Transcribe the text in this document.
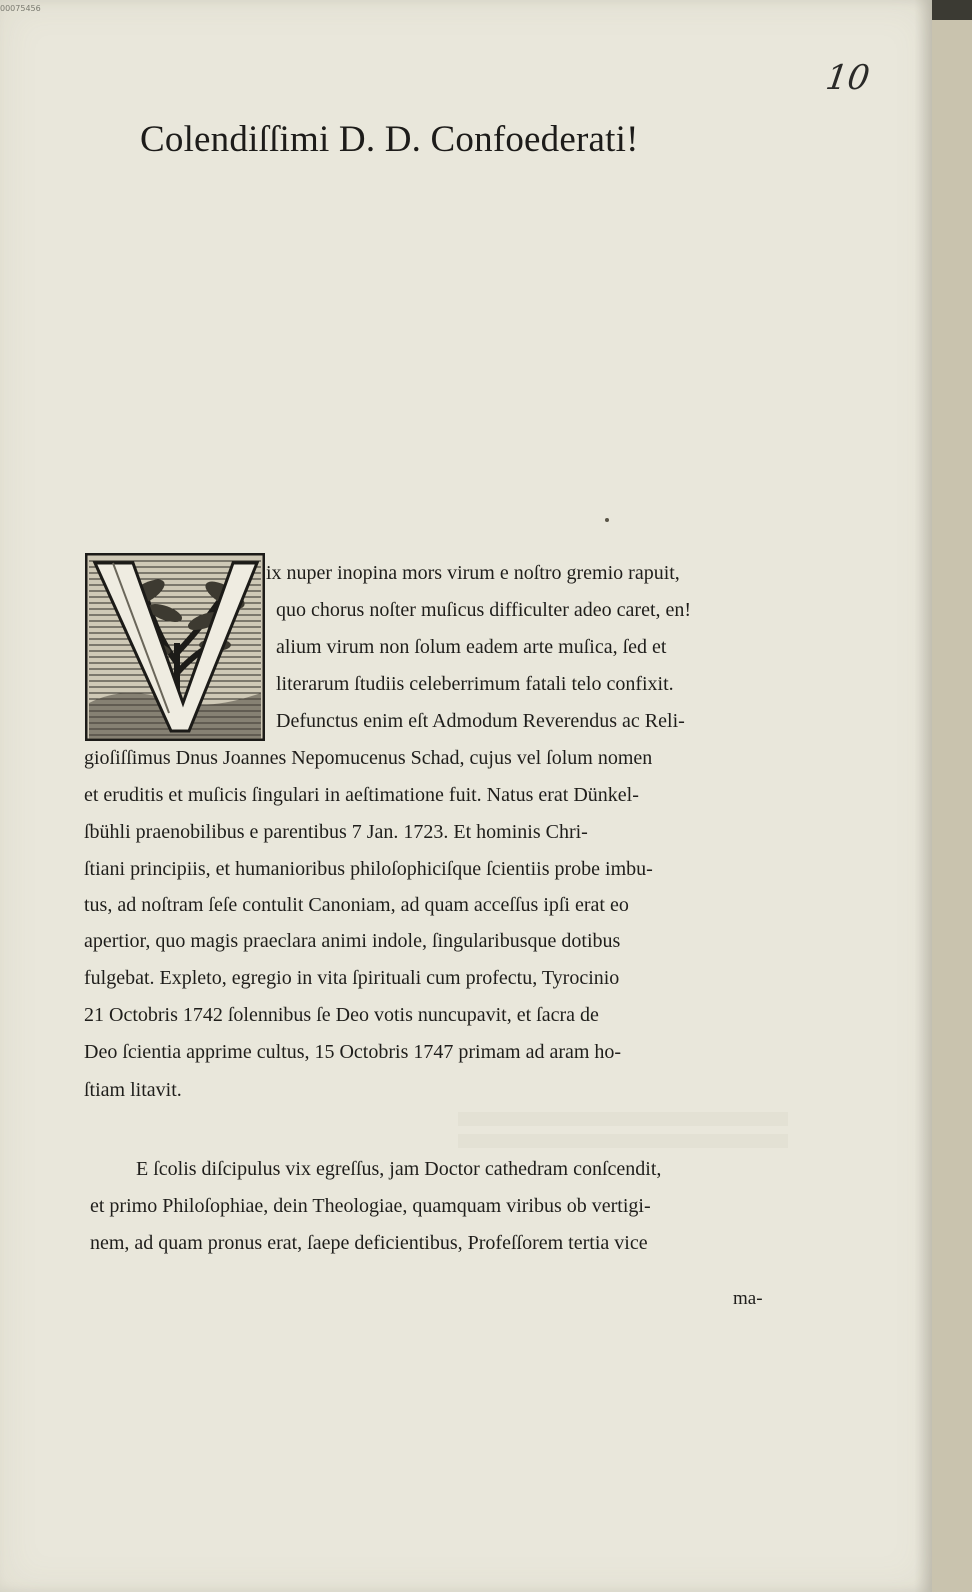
00075456
10
Colendiſſimi D. D. Confoederati!
ix nuper inopina mors virum e noſtro gremio rapuit,
quo chorus noſter muſicus difficulter adeo caret, en!
alium virum non ſolum eadem arte muſica, ſed et
literarum ſtudiis celeberrimum fatali telo confixit.
Defunctus enim eſt Admodum Reverendus ac Reli-
gioſiſſimus Dnus Joannes Nepomucenus Schad, cujus vel ſolum nomen
et eruditis et muſicis ſingulari in aeſtimatione fuit. Natus erat Dünkel-
ſbühli praenobilibus e parentibus 7 Jan. 1723. Et hominis Chri-
ſtiani principiis, et humanioribus philoſophiciſque ſcientiis probe imbu-
tus, ad noſtram ſeſe contulit Canoniam, ad quam acceſſus ipſi erat eo
apertior, quo magis praeclara animi indole, ſingularibusque dotibus
fulgebat. Expleto, egregio in vita ſpirituali cum profectu, Tyrocinio
21 Octobris 1742 ſolennibus ſe Deo votis nuncupavit, et ſacra de
Deo ſcientia apprime cultus, 15 Octobris 1747 primam ad aram ho-
ſtiam litavit.
E ſcolis diſcipulus vix egreſſus, jam Doctor cathedram conſcendit,
et primo Philoſophiae, dein Theologiae, quamquam viribus ob vertigi-
nem, ad quam pronus erat, ſaepe deficientibus, Profeſſorem tertia vice
ma-
